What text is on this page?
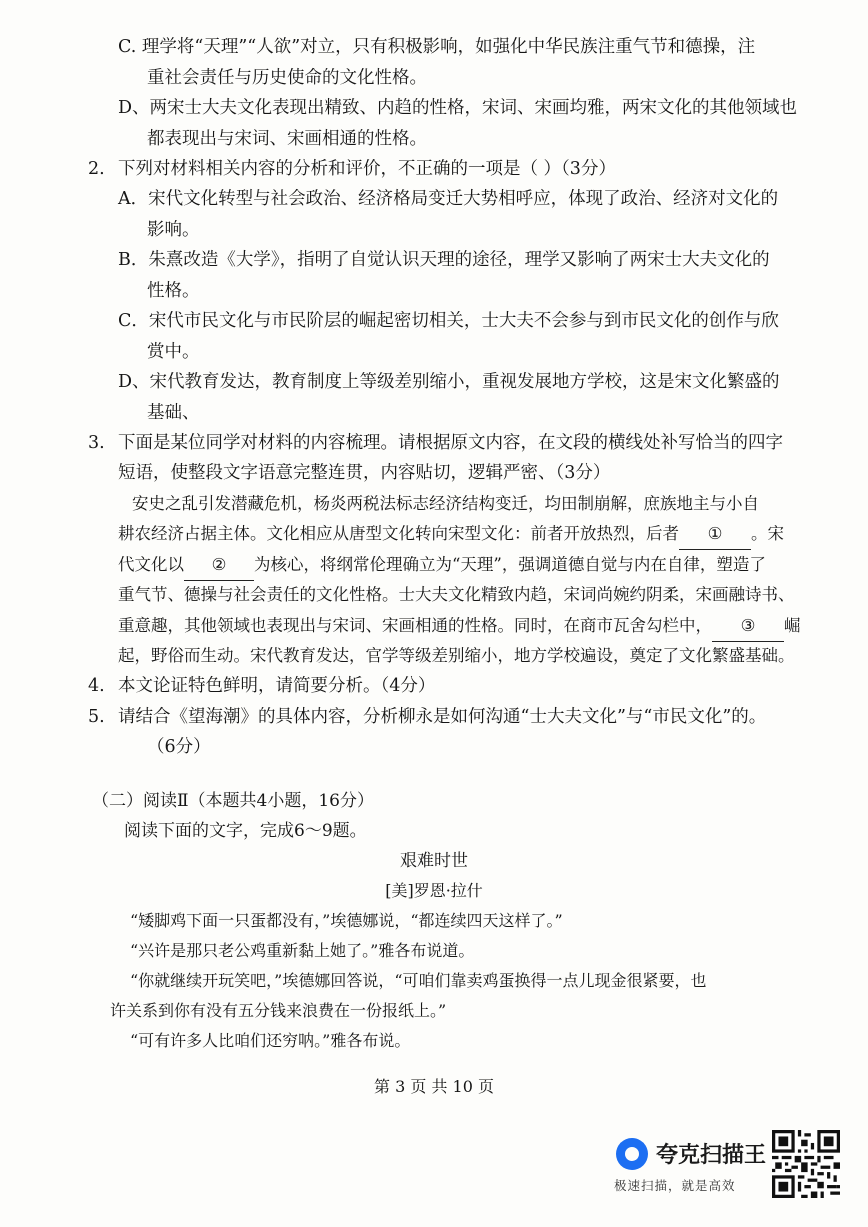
C. 理学将“天理”“人欲”对立，只有积极影响，如强化中华民族注重气节和德操，注
重社会责任与历史使命的文化性格。
D、两宋士大夫文化表现出精致、内趋的性格，宋词、宋画均雅，两宋文化的其他领域也
都表现出与宋词、宋画相通的性格。
2. 下列对材料相关内容的分析和评价，不正确的一项是（ ）（3分）
A．宋代文化转型与社会政治、经济格局变迁大势相呼应，体现了政治、经济对文化的
影响。
B．朱熹改造《大学》，指明了自觉认识天理的途径，理学又影响了两宋士大夫文化的
性格。
C．宋代市民文化与市民阶层的崛起密切相关，士大夫不会参与到市民文化的创作与欣
赏中。
D、宋代教育发达，教育制度上等级差别缩小，重视发展地方学校，这是宋文化繁盛的
基础、
3. 下面是某位同学对材料的内容梳理。请根据原文内容，在文段的横线处补写恰当的四字
短语，使整段文字语意完整连贯，内容贴切，逻辑严密、（3分）
安史之乱引发潜藏危机，杨炎两税法标志经济结构变迁，均田制崩解，庶族地主与小自
耕农经济占据主体。文化相应从唐型文化转向宋型文化：前者开放热烈，后者 ① 。宋
代文化以 ② 为核心，将纲常伦理确立为“天理”，强调道德自觉与内在自律，塑造了
重气节、德操与社会责任的文化性格。士大夫文化精致内趋，宋词尚婉约阴柔，宋画融诗书、
重意趣，其他领域也表现出与宋词、宋画相通的性格。同时，在商市瓦舍勾栏中， ③ 崛
起，野俗而生动。宋代教育发达，官学等级差别缩小，地方学校遍设，奠定了文化繁盛基础。
4. 本文论证特色鲜明，请简要分析。（4分）
5. 请结合《望海潮》的具体内容，分析柳永是如何沟通“士大夫文化”与“市民文化”的。
（6分）
（二）阅读Ⅱ（本题共4小题，16分）
阅读下面的文字，完成6～9题。
艰难时世
[美]罗恩·拉什
“矮脚鸡下面一只蛋都没有，”埃德娜说，“都连续四天这样了。”
“兴许是那只老公鸡重新黏上她了。”雅各布说道。
“你就继续开玩笑吧，”埃德娜回答说，“可咱们靠卖鸡蛋换得一点儿现金很紧要，也
许关系到你有没有五分钱来浪费在一份报纸上。”
“可有许多人比咱们还穷呐。”雅各布说。
第 3 页 共 10 页
夸克扫描王
极速扫描，就是高效
